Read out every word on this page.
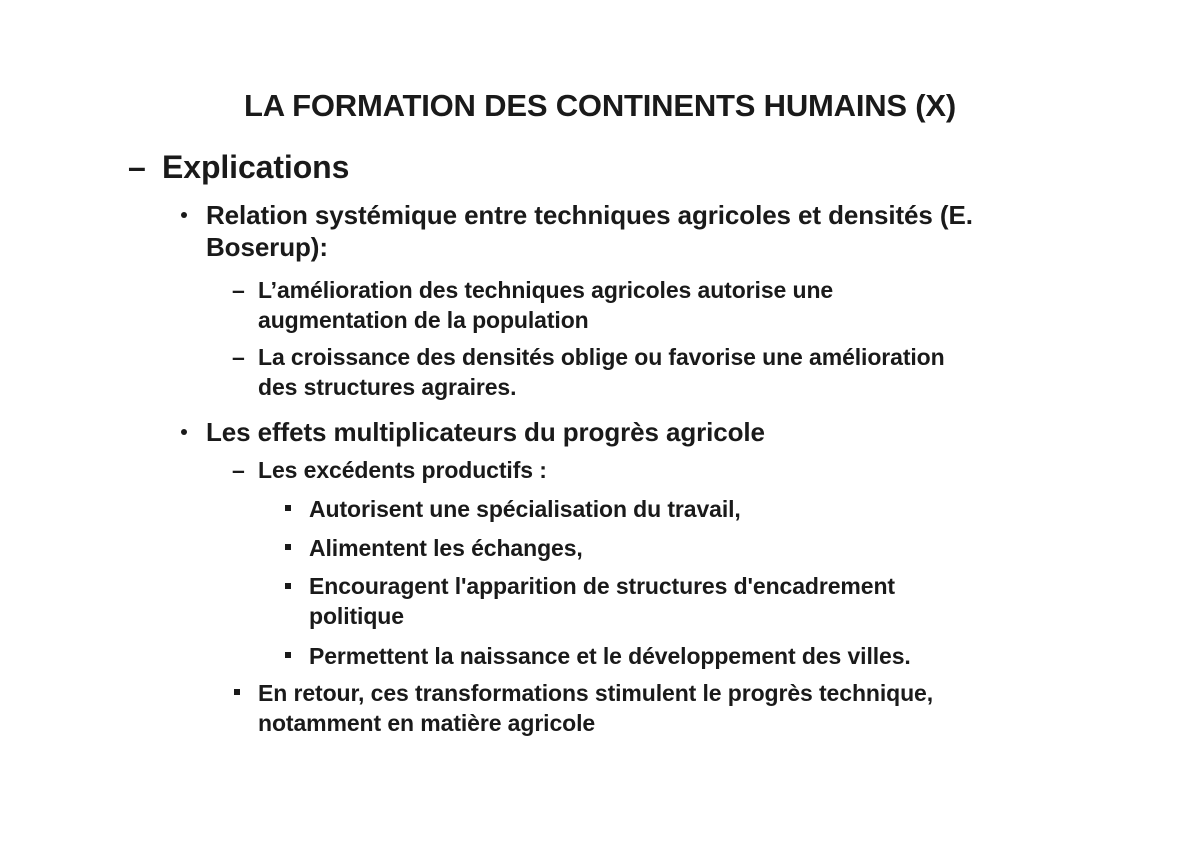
LA FORMATION DES CONTINENTS HUMAINS (X)
– Explications
Relation systémique entre techniques agricoles et densités (E.
Boserup):
– L’amélioration des techniques agricoles autorise une
augmentation de la population
– La croissance des densités oblige ou favorise une amélioration
des structures agraires.
Les effets multiplicateurs du progrès agricole
– Les excédents productifs :
Autorisent une spécialisation du travail,
Alimentent les échanges,
Encouragent l'apparition de structures d'encadrement
politique
Permettent la naissance et le développement des villes.
En retour, ces transformations stimulent le progrès technique,
notamment en matière agricole
